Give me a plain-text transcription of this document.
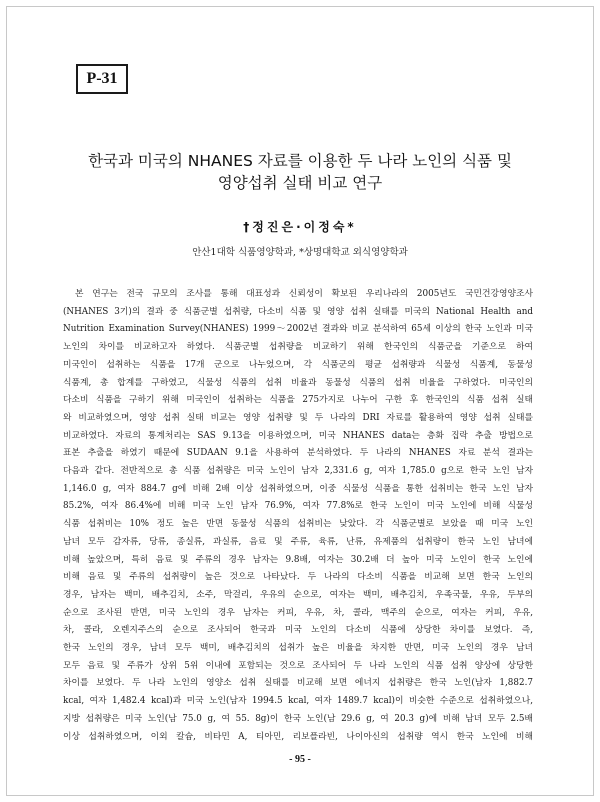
P-31
한국과 미국의 NHANES 자료를 이용한 두 나라 노인의 식품 및
영양섭취 실태 비교 연구
†정진은·이정숙*
안산1대학 식품영양학과, *상명대학교 외식영양학과
본 연구는 전국 규모의 조사를 통해 대표성과 신뢰성이 확보된 우리나라의 2005년도 국민건강영양조사
(NHANES 3기)의 결과 중 식품군별 섭취량, 다소비 식품 및 영양 섭취 실태를 미국의 National Health and
Nutrition Examination Survey(NHANES) 1999～2002년 결과와 비교 분석하여 65세 이상의 한국 노인과 미국
노인의 차이를 비교하고자 하였다. 식품군별 섭취량을 비교하기 위해 한국인의 식품군을 기준으로 하여
미국인이 섭취하는 식품을 17개 군으로 나누었으며, 각 식품군의 평균 섭취량과 식물성 식품계, 동물성
식품계, 총 합계를 구하였고, 식물성 식품의 섭취 비율과 동물성 식품의 섭취 비율을 구하였다. 미국인의
다소비 식품을 구하기 위해 미국인이 섭취하는 식품을 275가지로 나누어 구한 후 한국인의 식품 섭취 실태
와 비교하였으며, 영양 섭취 실태 비교는 영양 섭취량 및 두 나라의 DRI 자료를 활용하여 영양 섭취 실태를
비교하였다. 자료의 통계처리는 SAS 9.13을 이용하였으며, 미국 NHANES data는 층화 집락 추출 방법으로
표본 추출을 하였기 때문에 SUDAAN 9.1을 사용하여 분석하였다. 두 나라의 NHANES 자료 분석 결과는
다음과 같다. 전반적으로 총 식품 섭취량은 미국 노인이 남자 2,331.6 g, 여자 1,785.0 g으로 한국 노인 남자
1,146.0 g, 여자 884.7 g에 비해 2배 이상 섭취하였으며, 이중 식물성 식품을 통한 섭취비는 한국 노인 남자
85.2%, 여자 86.4%에 비해 미국 노인 남자 76.9%, 여자 77.8%로 한국 노인이 미국 노인에 비해 식물성
식품 섭취비는 10% 정도 높은 반면 동물성 식품의 섭취비는 낮았다. 각 식품군별로 보았을 때 미국 노인
남녀 모두 감자류, 당류, 종실류, 과실류, 음료 및 주류, 육류, 난류, 유제품의 섭취량이 한국 노인 남녀에
비해 높았으며, 특히 음료 및 주류의 경우 남자는 9.8배, 여자는 30.2배 더 높아 미국 노인이 한국 노인에
비해 음료 및 주류의 섭취량이 높은 것으로 나타났다. 두 나라의 다소비 식품을 비교해 보면 한국 노인의
경우, 남자는 백미, 배추김치, 소주, 막걸리, 우유의 순으로, 여자는 백미, 배추김치, 우족국물, 우유, 두부의
순으로 조사된 반면, 미국 노인의 경우 남자는 커피, 우유, 차, 콜라, 맥주의 순으로, 여자는 커피, 우유,
차, 콜라, 오렌지주스의 순으로 조사되어 한국과 미국 노인의 다소비 식품에 상당한 차이를 보였다. 즉,
한국 노인의 경우, 남녀 모두 백미, 배추김치의 섭취가 높은 비율을 차지한 반면, 미국 노인의 경우 남녀
모두 음료 및 주류가 상위 5위 이내에 포함되는 것으로 조사되어 두 나라 노인의 식품 섭취 양상에 상당한
차이를 보였다. 두 나라 노인의 영양소 섭취 실태를 비교해 보면 에너지 섭취량은 한국 노인(남자 1,882.7
kcal, 여자 1,482.4 kcal)과 미국 노인(남자 1994.5 kcal, 여자 1489.7 kcal)이 비슷한 수준으로 섭취하였으나,
지방 섭취량은 미국 노인(남 75.0 g, 여 55. 8g)이 한국 노인(남 29.6 g, 여 20.3 g)에 비해 남녀 모두 2.5배
이상 섭취하였으며, 이외 칼슘, 비타민 A, 티아민, 리보플라빈, 나이아신의 섭취량 역시 한국 노인에 비해
- 95 -
